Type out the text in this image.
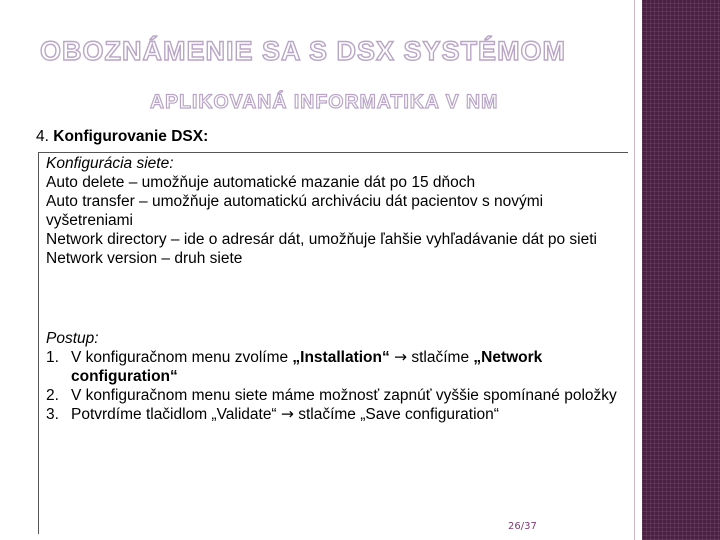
OBOZNÁMENIE SA S DSX SYSTÉMOM
APLIKOVANÁ INFORMATIKA V NM

4. Konfigurovanie DSX:

Konfigurácia siete:

Auto delete – umožňuje automatické mazanie dát po 15 dňoch

Auto transfer – umožňuje automatickú archiváciu dát pacientov s novými vyšetreniami

Network directory – ide o adresár dát, umožňuje ľahšie vyhľadávanie dát po sieti

Network version – druh siete

Postup:

1. V konfiguračnom menu zvolíme „Installation“ → stlačíme „Network configuration“
2. V konfiguračnom menu siete máme možnosť zapnúť vyššie spomínané položky
3. Potvrdíme tlačidlom „Validate“ → stlačíme „Save configuration“
26/37
